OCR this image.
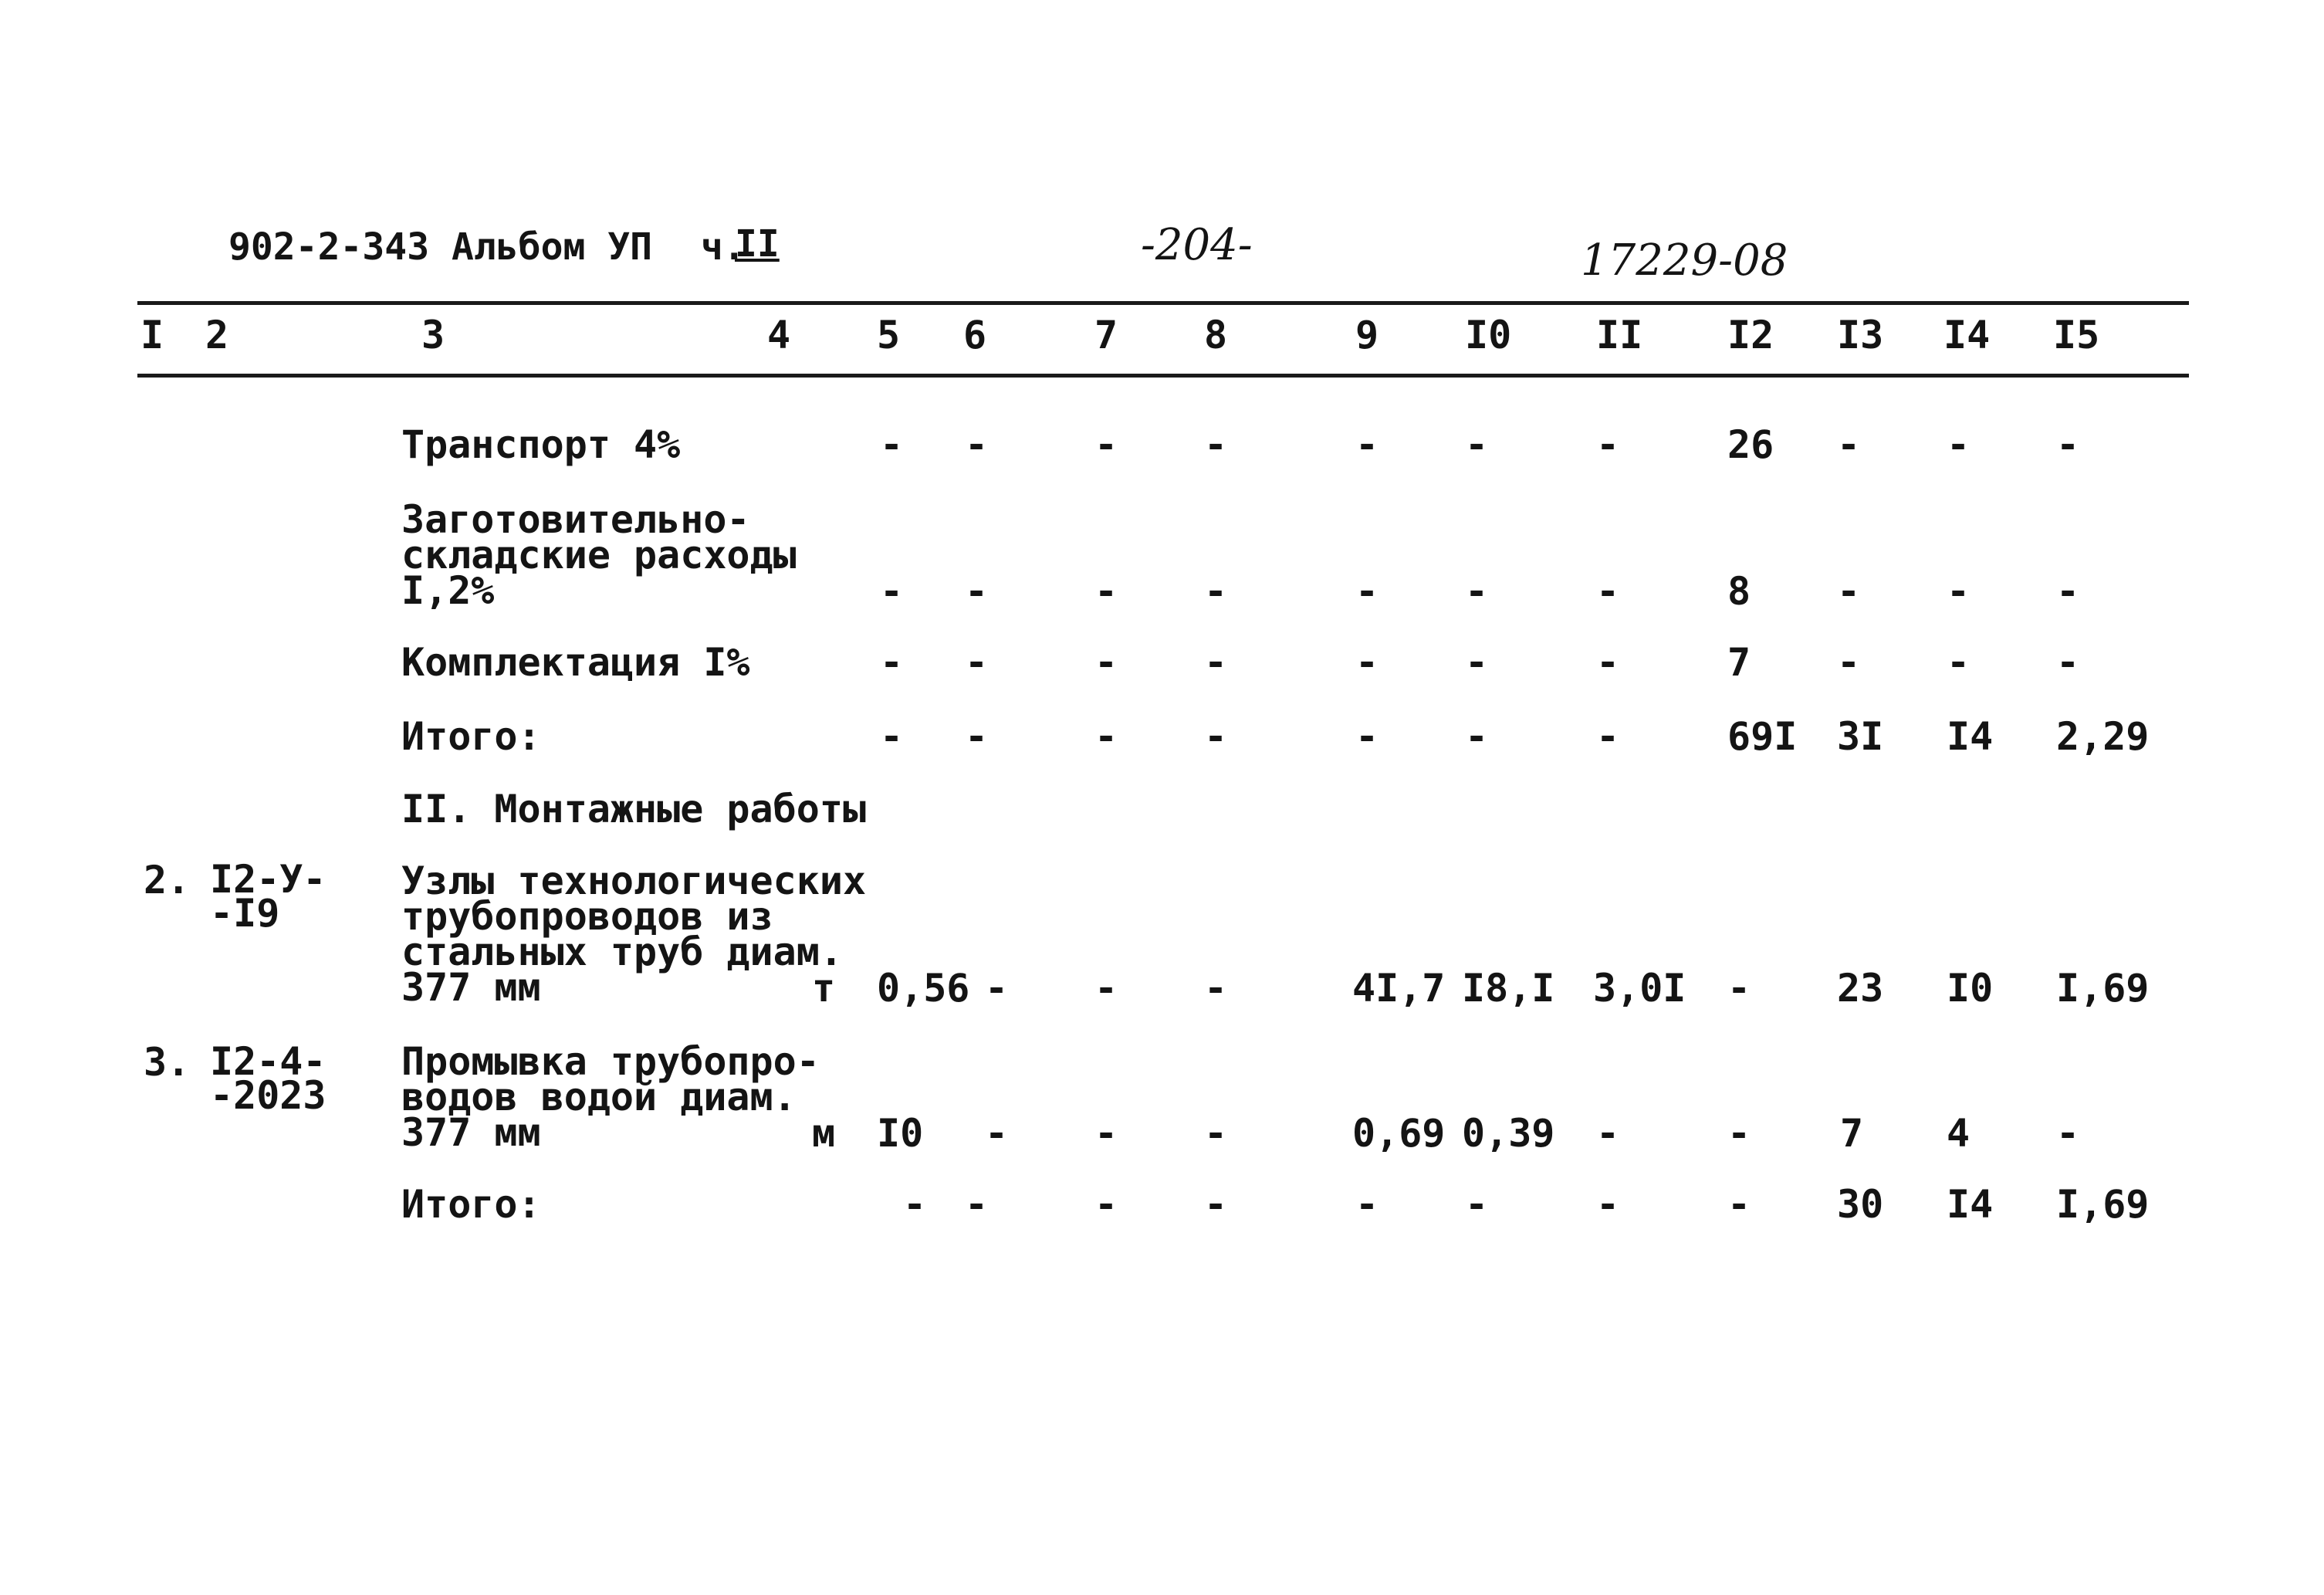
902-2-343 Альбом УП ч.
II	-204-	17229-08
I 2	3	4 5 6	7 8	9 I0 II I2 I3 I4 I5
Транспорт 4%	- -	- -	- -	-	26 - - -
Заготовительно-
складские расходы
I,2%	- -	- -	- -	-	8 - - -
Комплектация I%	- -	- -	- -	-	7 - - -
Итого:	- -	- -	- -	-	69I 3I I4 2,29
II. Монтажные работы
2. I2-У-
-I9
Узлы технологических
трубопроводов из
стальных труб диам.
377 мм	т 0,56 - - -	4I,7 I8,I 3,0I - 23 I0 I,69
3. I2-4-
-2023
Промывка трубопро-
водов водой диам.
377 мм	м I0 - - -	0,69 0,39 -	- 7 4 -
Итого:	- -	- -	- -	-	- 30 I4 I,69
